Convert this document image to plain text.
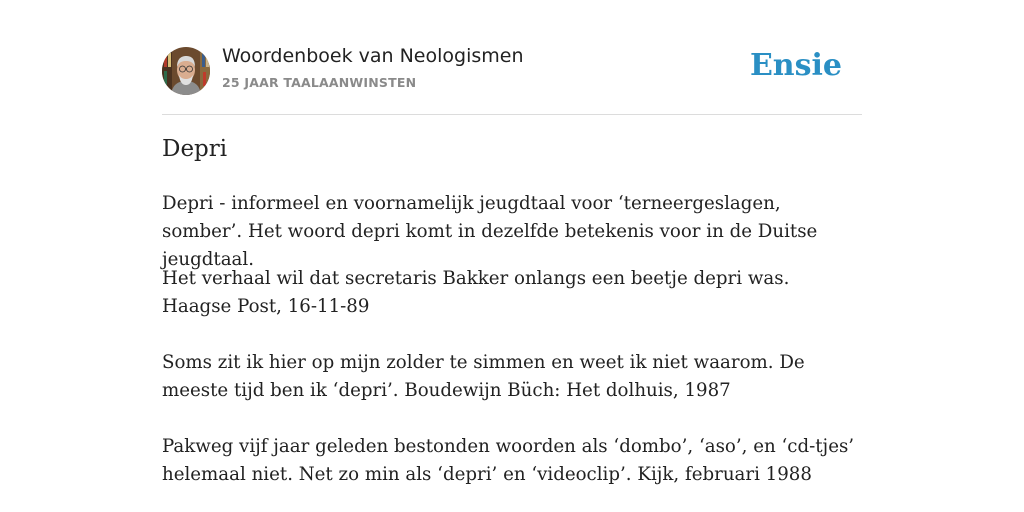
Woordenboek van Neologismen
25 JAAR TAALAANWINSTEN	Ensie
Depri

Depri - informeel en voornamelijk jeugdtaal voor ‘terneergeslagen, somber’. Het woord depri komt in dezelfde betekenis voor in de Duitse jeugdtaal.

Het verhaal wil dat secretaris Bakker onlangs een beetje depri was. Haagse Post, 16-11-89

Soms zit ik hier op mijn zolder te simmen en weet ik niet waarom. De meeste tijd ben ik ‘depri’. Boudewijn Büch: Het dolhuis, 1987

Pakweg vijf jaar geleden bestonden woorden als ‘dombo’, ‘aso’, en ‘cd-tjes’ helemaal niet. Net zo min als ‘depri’ en ‘videoclip’. Kijk, februari 1988
